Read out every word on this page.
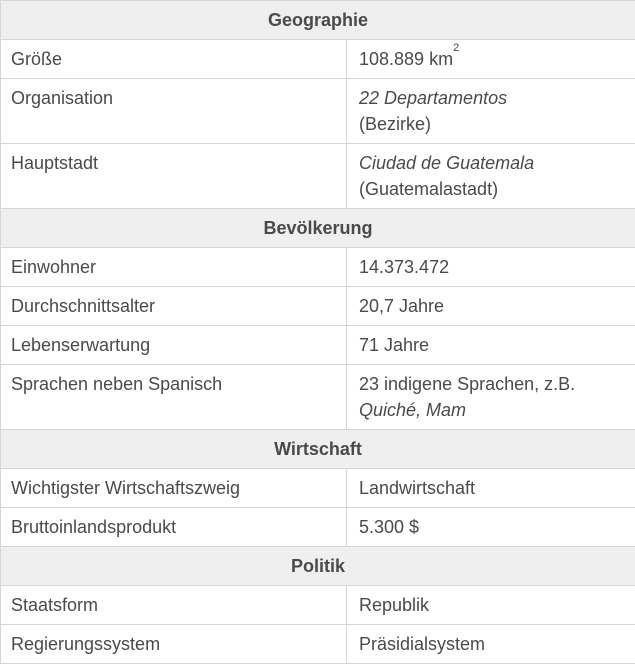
Geographie	

Größe	108.889 $km^2$

Organisation	22 Departamentos
(Bezirke)

Hauptstadt	Ciudad de Guatemala
(Guatemalastadt)

Bevölkerung	

Einwohner	14.373.472

Durchschnittsalter	20,7 Jahre

Lebenserwartung	71 Jahre

Sprachen neben Spanisch	23 indigene Sprachen, z.B.
Quiché, Mam

Wirtschaft	

Wichtigster Wirtschaftszweig	Landwirtschaft

Bruttoinlandsprodukt	5.300 $

Politik	

Staatsform	Republik

Regierungssystem	Präsidialsystem
